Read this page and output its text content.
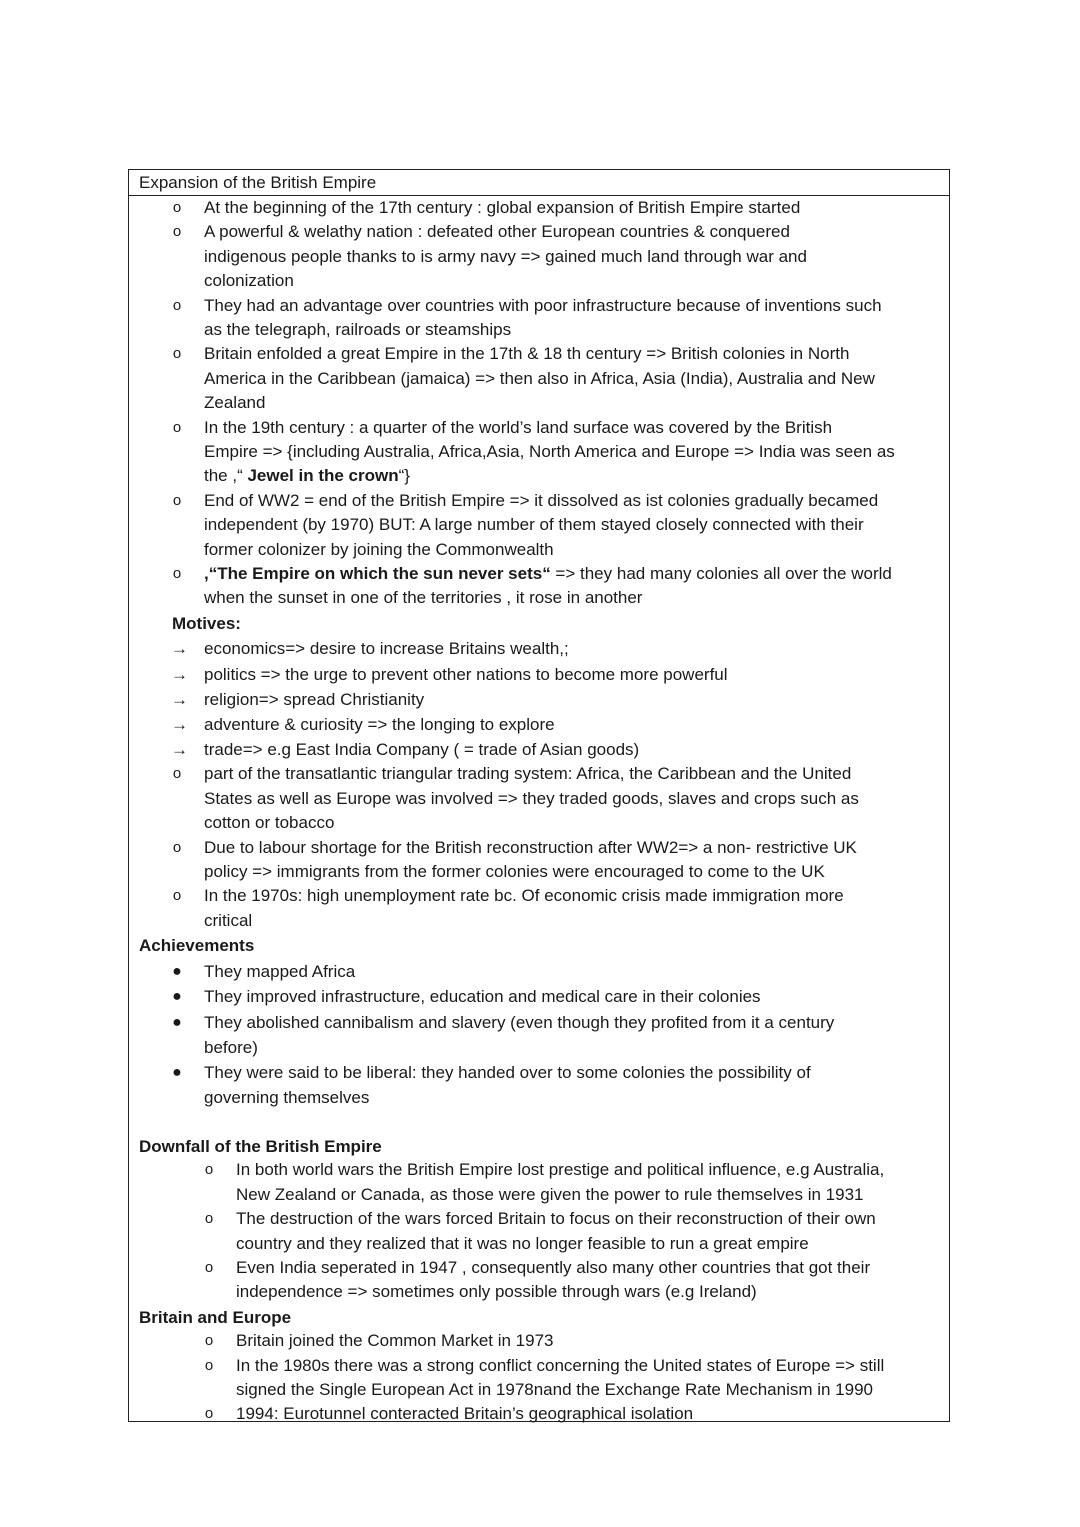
Expansion of the British Empire
o	At the beginning of the 17th century : global expansion of British Empire started
o	A powerful & welathy nation : defeated other European countries & conquered
indigenous people thanks to is army navy => gained much land through war and
colonization
o	They had an advantage over countries with poor infrastructure because of inventions such
as the telegraph, railroads or steamships
o	Britain enfolded a great Empire in the 17th & 18 th century => British colonies in North
America in the Caribbean (jamaica) => then also in Africa, Asia (India), Australia and New
Zealand
o	In the 19th century : a quarter of the world’s land surface was covered by the British
Empire => {including Australia, Africa,Asia, North America and Europe => India was seen as
the ,“ Jewel in the crown“}
o	End of WW2 = end of the British Empire => it dissolved as ist colonies gradually becamed
independent (by 1970) BUT: A large number of them stayed closely connected with their
former colonizer by joining the Commonwealth
o	,“The Empire on which the sun never sets“ => they had many colonies all over the world
when the sunset in one of the territories , it rose in another
Motives:
→ economics=> desire to increase Britains wealth,;
→ politics => the urge to prevent other nations to become more powerful
→ religion=> spread Christianity
→ adventure & curiosity => the longing to explore
→ trade=> e.g East India Company ( = trade of Asian goods)
o	part of the transatlantic triangular trading system: Africa, the Caribbean and the United
States as well as Europe was involved => they traded goods, slaves and crops such as
cotton or tobacco
o	Due to labour shortage for the British reconstruction after WW2=> a non- restrictive UK
policy => immigrants from the former colonies were encouraged to come to the UK
o	In the 1970s: high unemployment rate bc. Of economic crisis made immigration more
critical
Achievements
●	They mapped Africa
●	They improved infrastructure, education and medical care in their colonies
●	They abolished cannibalism and slavery (even though they profited from it a century
before)
●	They were said to be liberal: they handed over to some colonies the possibility of
governing themselves
Downfall of the British Empire
o	In both world wars the British Empire lost prestige and political influence, e.g Australia,
New Zealand or Canada, as those were given the power to rule themselves in 1931
o	The destruction of the wars forced Britain to focus on their reconstruction of their own
country and they realized that it was no longer feasible to run a great empire
o	Even India seperated in 1947 , consequently also many other countries that got their
independence => sometimes only possible through wars (e.g Ireland)
Britain and Europe
o	Britain joined the Common Market in 1973
o	In the 1980s there was a strong conflict concerning the United states of Europe => still
signed the Single European Act in 1978nand the Exchange Rate Mechanism in 1990
o	1994: Eurotunnel conteracted Britain’s geographical isolation
